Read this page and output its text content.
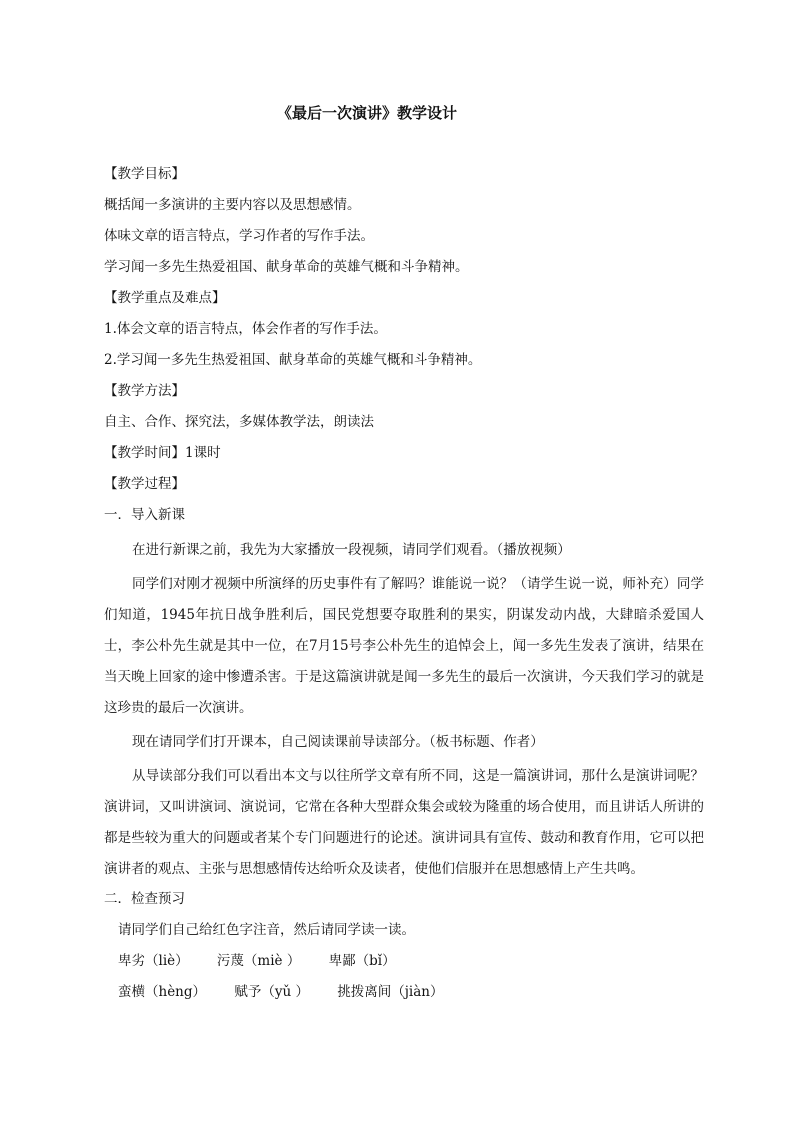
《最后一次演讲》教学设计
【教学目标】
概括闻一多演讲的主要内容以及思想感情。
体味文章的语言特点，学习作者的写作手法。
学习闻一多先生热爱祖国、献身革命的英雄气概和斗争精神。
【教学重点及难点】
1.体会文章的语言特点，体会作者的写作手法。
2.学习闻一多先生热爱祖国、献身革命的英雄气概和斗争精神。
【教学方法】
自主、合作、探究法，多媒体教学法，朗读法
【教学时间】1课时
【教学过程】
一．导入新课
在进行新课之前，我先为大家播放一段视频，请同学们观看。（播放视频）
同学们对刚才视频中所演绎的历史事件有了解吗？谁能说一说？（请学生说一说，师补充）同学们知道，1945年抗日战争胜利后，国民党想要夺取胜利的果实，阴谋发动内战，大肆暗杀爱国人士，李公朴先生就是其中一位，在7月15号李公朴先生的追悼会上，闻一多先生发表了演讲，结果在当天晚上回家的途中惨遭杀害。于是这篇演讲就是闻一多先生的最后一次演讲，今天我们学习的就是这珍贵的最后一次演讲。
现在请同学们打开课本，自己阅读课前导读部分。（板书标题、作者）
从导读部分我们可以看出本文与以往所学文章有所不同，这是一篇演讲词，那什么是演讲词呢？演讲词，又叫讲演词、演说词，它常在各种大型群众集会或较为隆重的场合使用，而且讲话人所讲的都是些较为重大的问题或者某个专门问题进行的论述。演讲词具有宣传、鼓动和教育作用，它可以把演讲者的观点、主张与思想感情传达给听众及读者，使他们信服并在思想感情上产生共鸣。
二．检查预习
请同学们自己给红色字注音，然后请同学读一读。
卑劣（liè） 污蔑（miè ） 卑鄙（bǐ）
蛮横（hèng） 赋予（yǔ ） 挑拨离间（jiàn）
